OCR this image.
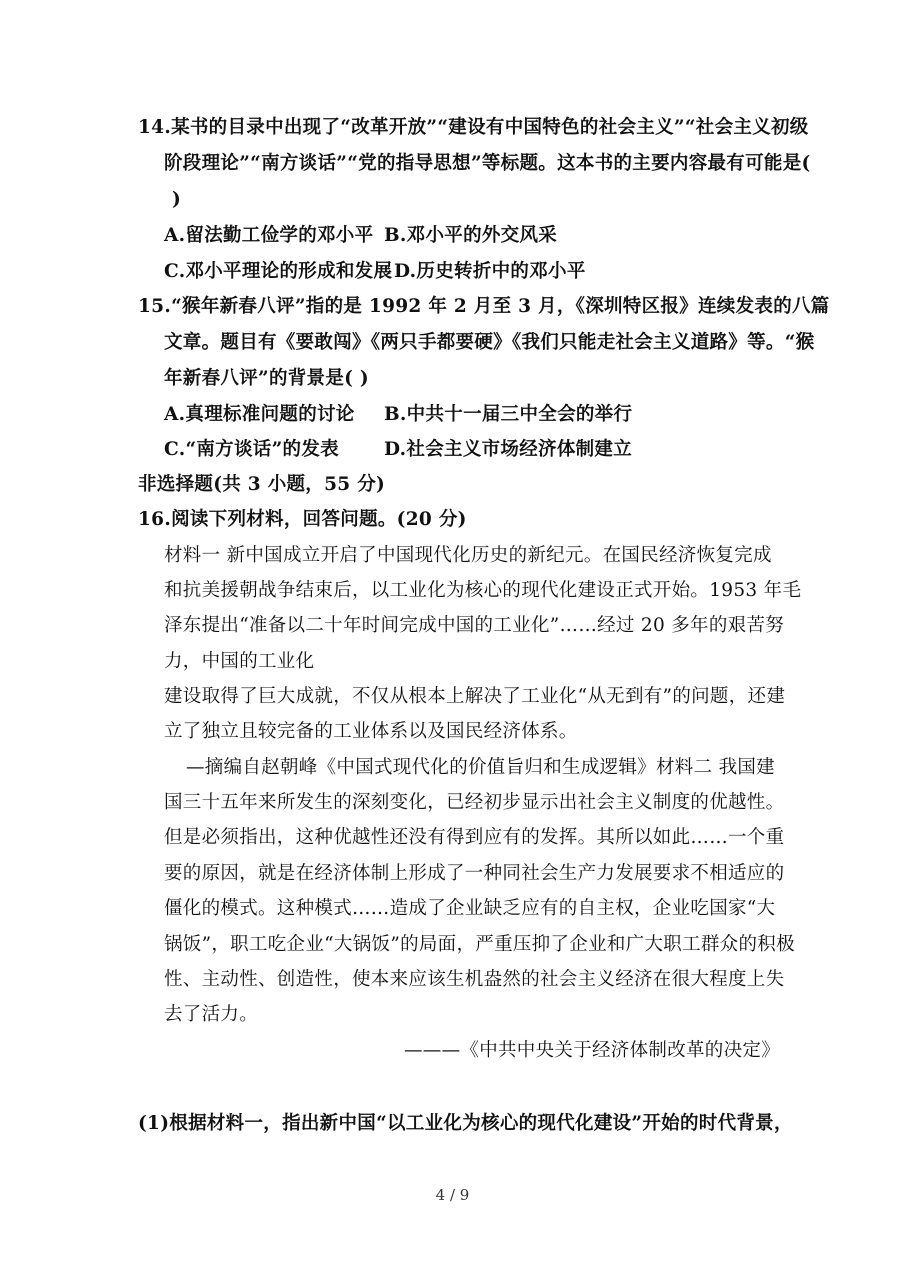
14.某书的目录中出现了“改革开放”“建设有中国特色的社会主义”“社会主义初级
阶段理论”“南方谈话”“党的指导思想”等标题。这本书的主要内容最有可能是(
)
A.留法勤工俭学的邓小平 B.邓小平的外交风采
C.邓小平理论的形成和发展 D.历史转折中的邓小平
15.“猴年新春八评”指的是 1992 年 2 月至 3 月，《深圳特区报》连续发表的八篇
文章。题目有《要敢闯》《两只手都要硬》《我们只能走社会主义道路》等。“猴
年新春八评”的背景是( )
A.真理标准问题的讨论 B.中共十一届三中全会的举行
C.“南方谈话”的发表 D.社会主义市场经济体制建立
非选择题(共 3 小题，55 分)
16.阅读下列材料，回答问题。(20 分)
材料一 新中国成立开启了中国现代化历史的新纪元。在国民经济恢复完成
和抗美援朝战争结束后，以工业化为核心的现代化建设正式开始。1953 年毛
泽东提出“准备以二十年时间完成中国的工业化”……经过 20 多年的艰苦努
力，中国的工业化
建设取得了巨大成就，不仅从根本上解决了工业化“从无到有”的问题，还建
立了独立且较完备的工业体系以及国民经济体系。
—摘编自赵朝峰《中国式现代化的价值旨归和生成逻辑》材料二 我国建
国三十五年来所发生的深刻变化，已经初步显示出社会主义制度的优越性。
但是必须指出，这种优越性还没有得到应有的发挥。其所以如此……一个重
要的原因，就是在经济体制上形成了一种同社会生产力发展要求不相适应的
僵化的模式。这种模式……造成了企业缺乏应有的自主权，企业吃国家“大
锅饭”，职工吃企业“大锅饭”的局面，严重压抑了企业和广大职工群众的积极
性、主动性、创造性，使本来应该生机盎然的社会主义经济在很大程度上失
去了活力。
———《中共中央关于经济体制改革的决定》
(1)根据材料一，指出新中国“以工业化为核心的现代化建设”开始的时代背景，
4 / 9
